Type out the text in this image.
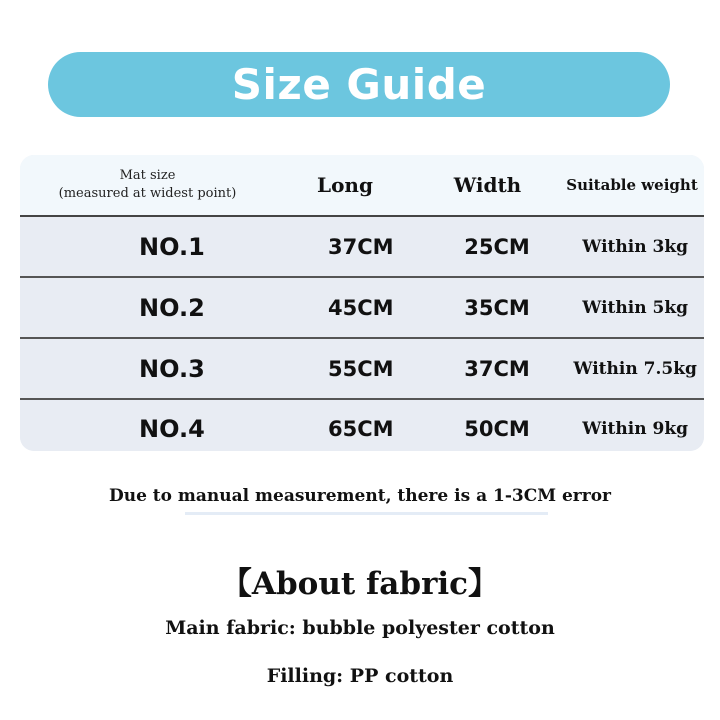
Size Guide
Mat size
(measured at widest point)	Long	Width	Suitable weight
NO.1	37CM	25CM	Within 3kg
NO.2	45CM	35CM	Within 5kg
NO.3	55CM	37CM	Within 7.5kg
NO.4	65CM	50CM	Within 9kg
Due to manual measurement, there is a 1-3CM error
【About fabric】
Main fabric: bubble polyester cotton
Filling: PP cotton
